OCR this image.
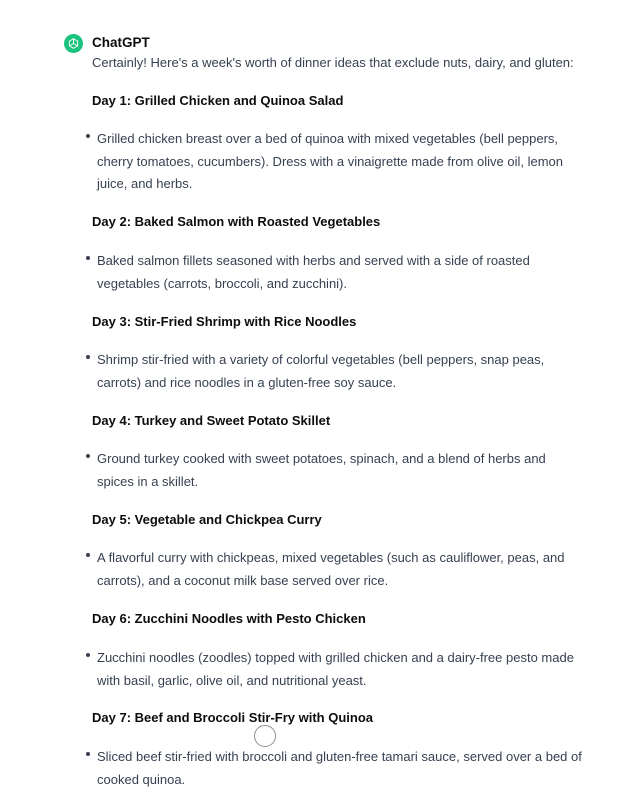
ChatGPT
Certainly! Here's a week's worth of dinner ideas that exclude nuts, dairy, and gluten:
Day 1: Grilled Chicken and Quinoa Salad
Grilled chicken breast over a bed of quinoa with mixed vegetables (bell peppers, cherry tomatoes, cucumbers). Dress with a vinaigrette made from olive oil, lemon juice, and herbs.
Day 2: Baked Salmon with Roasted Vegetables
Baked salmon fillets seasoned with herbs and served with a side of roasted vegetables (carrots, broccoli, and zucchini).
Day 3: Stir-Fried Shrimp with Rice Noodles
Shrimp stir-fried with a variety of colorful vegetables (bell peppers, snap peas, carrots) and rice noodles in a gluten-free soy sauce.
Day 4: Turkey and Sweet Potato Skillet
Ground turkey cooked with sweet potatoes, spinach, and a blend of herbs and spices in a skillet.
Day 5: Vegetable and Chickpea Curry
A flavorful curry with chickpeas, mixed vegetables (such as cauliflower, peas, and carrots), and a coconut milk base served over rice.
Day 6: Zucchini Noodles with Pesto Chicken
Zucchini noodles (zoodles) topped with grilled chicken and a dairy-free pesto made with basil, garlic, olive oil, and nutritional yeast.
Day 7: Beef and Broccoli Stir-Fry with Quinoa
Sliced beef stir-fried with broccoli and gluten-free tamari sauce, served over a bed of cooked quinoa.
